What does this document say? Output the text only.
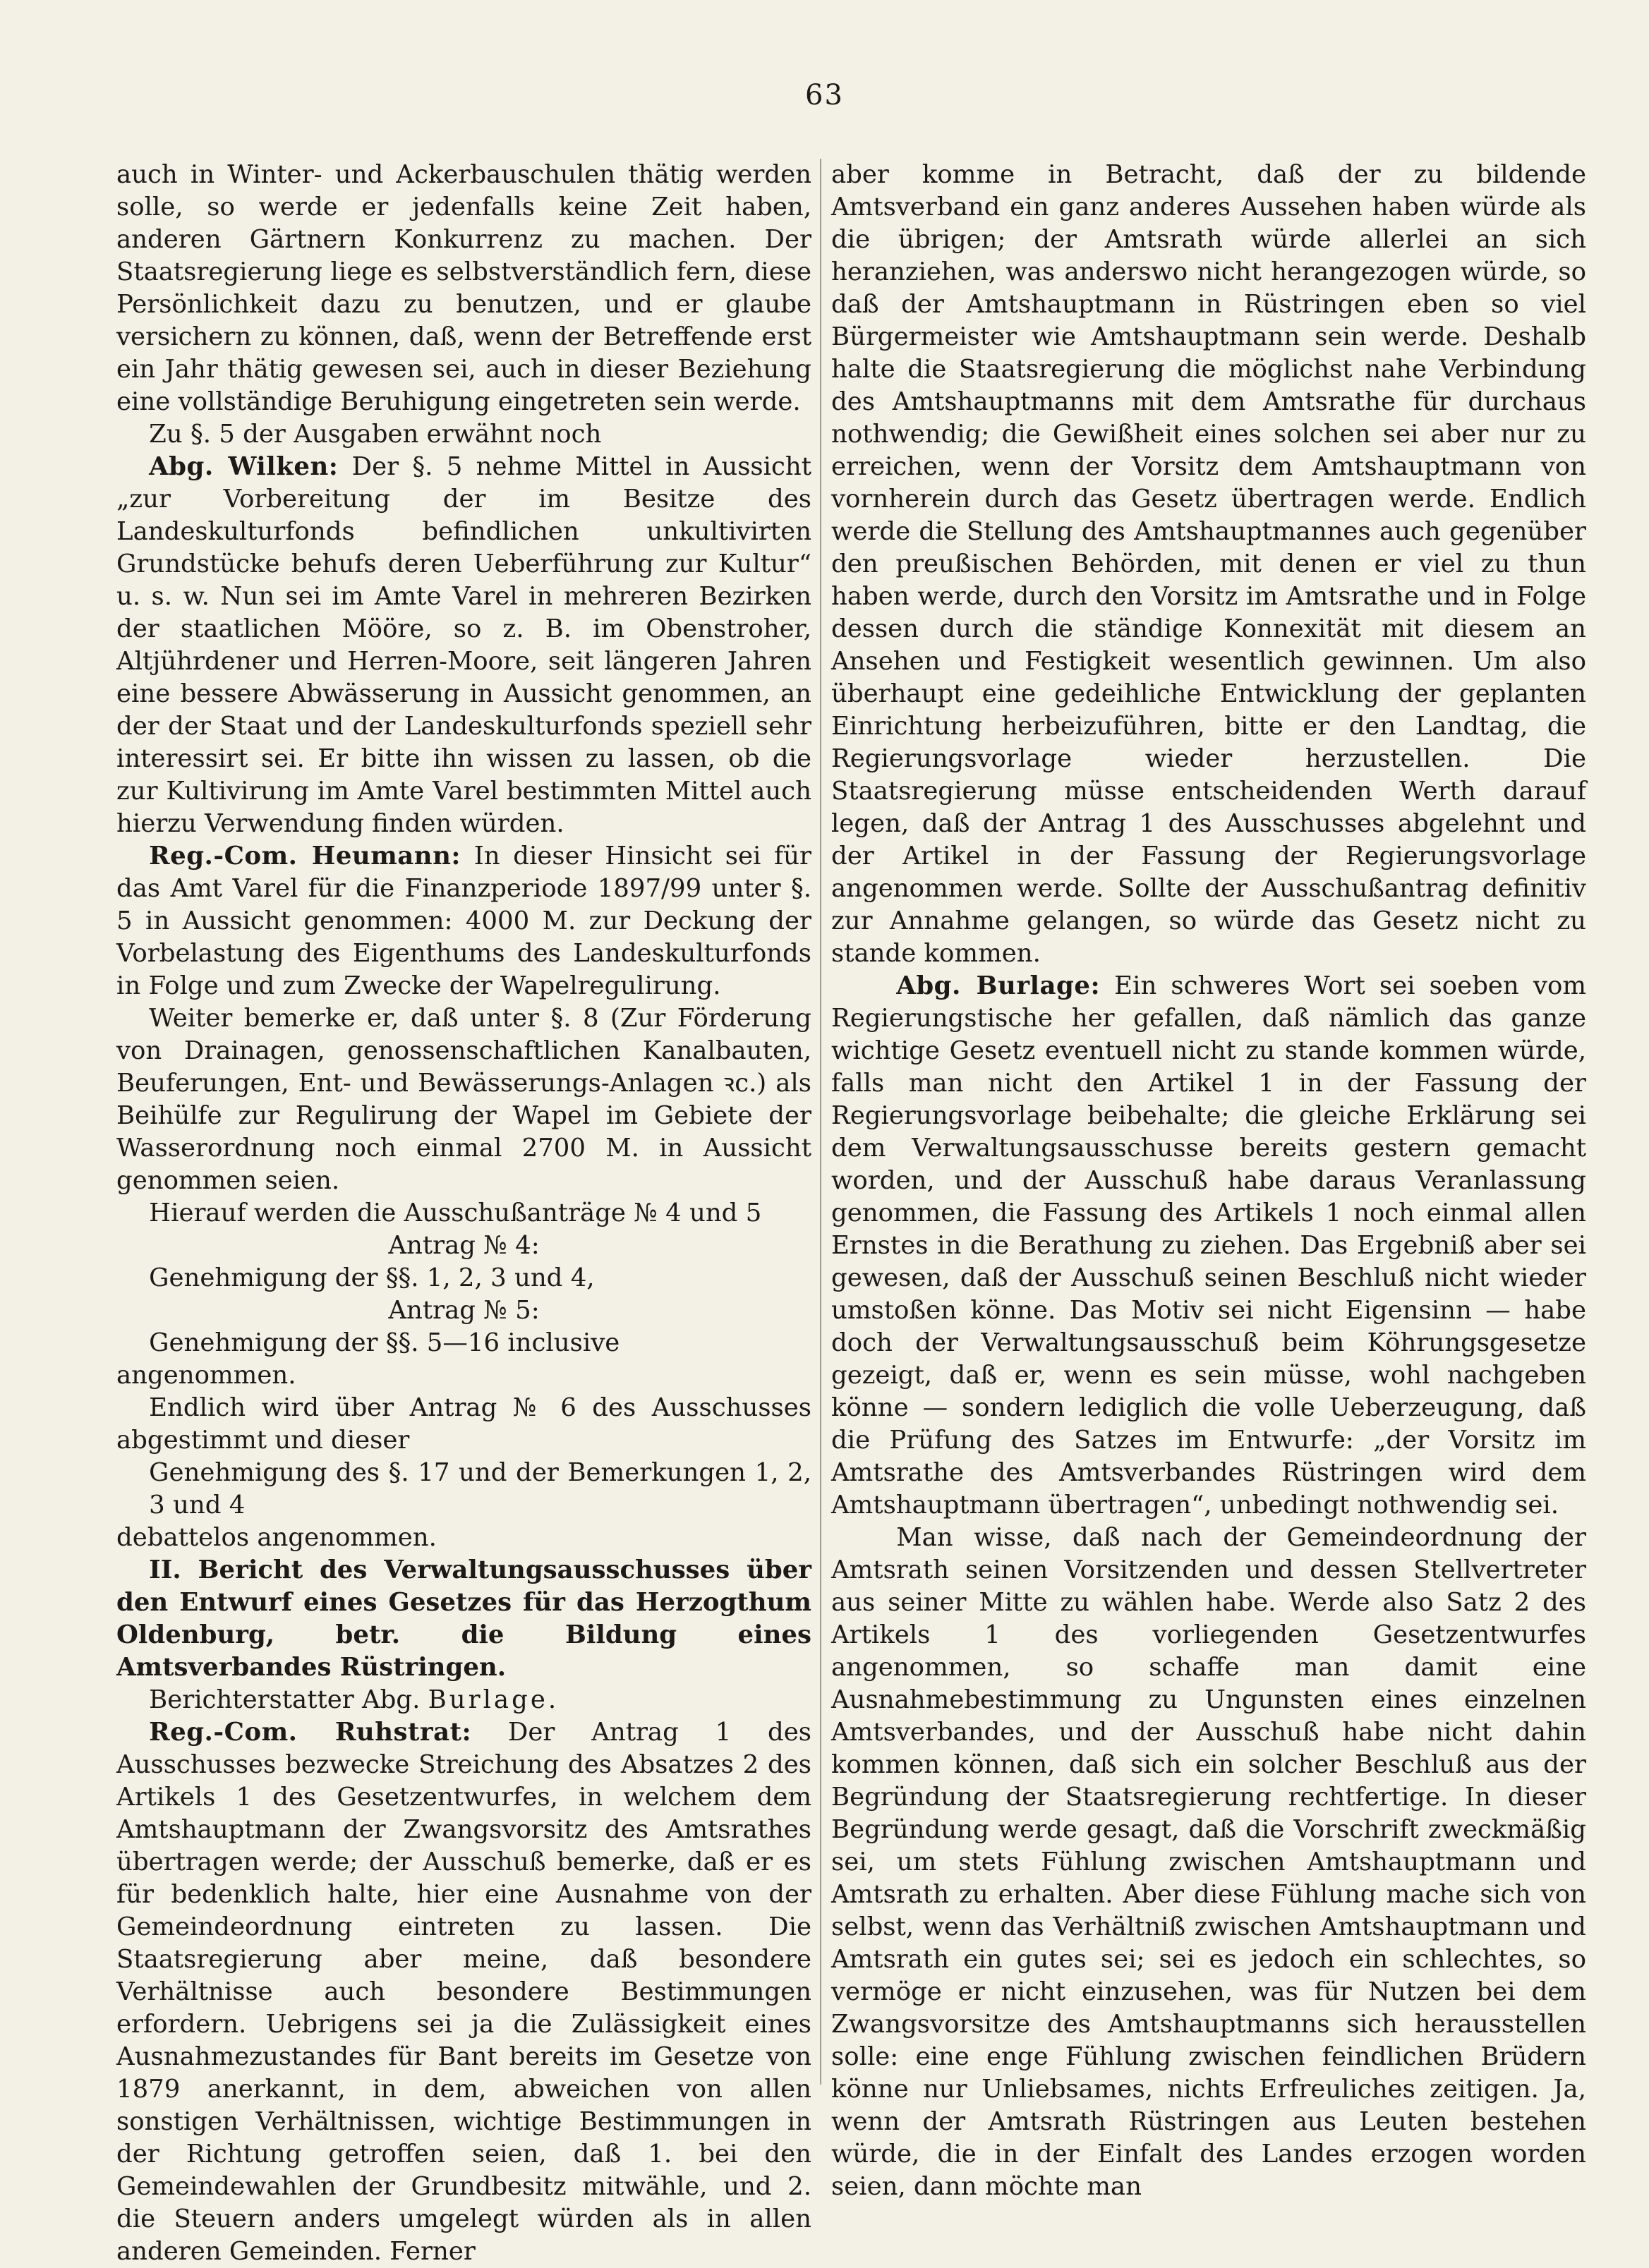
63

auch in Winter- und Ackerbauschulen thätig werden solle, so werde er jedenfalls keine Zeit haben, anderen Gärtnern Konkurrenz zu machen. Der Staatsregierung liege es selbstverständlich fern, diese Persönlichkeit dazu zu benutzen, und er glaube versichern zu können, daß, wenn der Betreffende erst ein Jahr thätig gewesen sei, auch in dieser Beziehung eine vollständige Beruhigung eingetreten sein werde.

Zu §. 5 der Ausgaben erwähnt noch

Abg. Wilken: Der §. 5 nehme Mittel in Aussicht „zur Vorbereitung der im Besitze des Landeskulturfonds befindlichen unkultivirten Grundstücke behufs deren Ueberführung zur Kultur“ u. s. w. Nun sei im Amte Varel in mehreren Bezirken der staatlichen Mööre, so z. B. im Obenstroher, Altjührdener und Herren-Moore, seit längeren Jahren eine bessere Abwässerung in Aussicht genommen, an der der Staat und der Landeskulturfonds speziell sehr interessirt sei. Er bitte ihn wissen zu lassen, ob die zur Kultivirung im Amte Varel bestimmten Mittel auch hierzu Verwendung finden würden.

Reg.-Com. Heumann: In dieser Hinsicht sei für das Amt Varel für die Finanzperiode 1897/99 unter §. 5 in Aussicht genommen: 4000 M. zur Deckung der Vorbelastung des Eigenthums des Landeskulturfonds in Folge und zum Zwecke der Wapelregulirung.

Weiter bemerke er, daß unter §. 8 (Zur Förderung von Drainagen, genossenschaftlichen Kanalbauten, Beuferungen, Ent- und Bewässerungs-Anlagen ꝛc.) als Beihülfe zur Regulirung der Wapel im Gebiete der Wasserordnung noch einmal 2700 M. in Aussicht genommen seien.

Hierauf werden die Ausschußanträge № 4 und 5

Antrag № 4:

Genehmigung der §§. 1, 2, 3 und 4,

Antrag № 5:

Genehmigung der §§. 5—16 inclusive

angenommen.

Endlich wird über Antrag № 6 des Ausschusses abgestimmt und dieser

Genehmigung des §. 17 und der Bemerkungen 1, 2, 3 und 4

debattelos angenommen.

II. Bericht des Verwaltungsausschusses über den Entwurf eines Gesetzes für das Herzogthum Oldenburg, betr. die Bildung eines Amtsverbandes Rüstringen.

Berichterstatter Abg. Burlage.

Reg.-Com. Ruhstrat: Der Antrag 1 des Ausschusses bezwecke Streichung des Absatzes 2 des Artikels 1 des Gesetzentwurfes, in welchem dem Amtshauptmann der Zwangsvorsitz des Amtsrathes übertragen werde; der Ausschuß bemerke, daß er es für bedenklich halte, hier eine Ausnahme von der Gemeindeordnung eintreten zu lassen. Die Staatsregierung aber meine, daß besondere Verhältnisse auch besondere Bestimmungen erfordern. Uebrigens sei ja die Zulässigkeit eines Ausnahmezustandes für Bant bereits im Gesetze von 1879 anerkannt, in dem, abweichen von allen sonstigen Verhältnissen, wichtige Bestimmungen in der Richtung getroffen seien, daß 1. bei den Gemeindewahlen der Grundbesitz mitwähle, und 2. die Steuern anders umgelegt würden als in allen anderen Gemeinden. Ferner

aber komme in Betracht, daß der zu bildende Amtsverband ein ganz anderes Aussehen haben würde als die übrigen; der Amtsrath würde allerlei an sich heranziehen, was anderswo nicht herangezogen würde, so daß der Amtshauptmann in Rüstringen eben so viel Bürgermeister wie Amtshauptmann sein werde. Deshalb halte die Staatsregierung die möglichst nahe Verbindung des Amtshauptmanns mit dem Amtsrathe für durchaus nothwendig; die Gewißheit eines solchen sei aber nur zu erreichen, wenn der Vorsitz dem Amtshauptmann von vornherein durch das Gesetz übertragen werde. Endlich werde die Stellung des Amtshauptmannes auch gegenüber den preußischen Behörden, mit denen er viel zu thun haben werde, durch den Vorsitz im Amtsrathe und in Folge dessen durch die ständige Konnexität mit diesem an Ansehen und Festigkeit wesentlich gewinnen. Um also überhaupt eine gedeihliche Entwicklung der geplanten Einrichtung herbeizuführen, bitte er den Landtag, die Regierungsvorlage wieder herzustellen. Die Staatsregierung müsse entscheidenden Werth darauf legen, daß der Antrag 1 des Ausschusses abgelehnt und der Artikel in der Fassung der Regierungsvorlage angenommen werde. Sollte der Ausschußantrag definitiv zur Annahme gelangen, so würde das Gesetz nicht zu stande kommen.

Abg. Burlage: Ein schweres Wort sei soeben vom Regierungstische her gefallen, daß nämlich das ganze wichtige Gesetz eventuell nicht zu stande kommen würde, falls man nicht den Artikel 1 in der Fassung der Regierungsvorlage beibehalte; die gleiche Erklärung sei dem Verwaltungsausschusse bereits gestern gemacht worden, und der Ausschuß habe daraus Veranlassung genommen, die Fassung des Artikels 1 noch einmal allen Ernstes in die Berathung zu ziehen. Das Ergebniß aber sei gewesen, daß der Ausschuß seinen Beschluß nicht wieder umstoßen könne. Das Motiv sei nicht Eigensinn — habe doch der Verwaltungsausschuß beim Köhrungsgesetze gezeigt, daß er, wenn es sein müsse, wohl nachgeben könne — sondern lediglich die volle Ueberzeugung, daß die Prüfung des Satzes im Entwurfe: „der Vorsitz im Amtsrathe des Amtsverbandes Rüstringen wird dem Amtshauptmann übertragen“, unbedingt nothwendig sei.

Man wisse, daß nach der Gemeindeordnung der Amtsrath seinen Vorsitzenden und dessen Stellvertreter aus seiner Mitte zu wählen habe. Werde also Satz 2 des Artikels 1 des vorliegenden Gesetzentwurfes angenommen, so schaffe man damit eine Ausnahmebestimmung zu Ungunsten eines einzelnen Amtsverbandes, und der Ausschuß habe nicht dahin kommen können, daß sich ein solcher Beschluß aus der Begründung der Staatsregierung rechtfertige. In dieser Begründung werde gesagt, daß die Vorschrift zweckmäßig sei, um stets Fühlung zwischen Amtshauptmann und Amtsrath zu erhalten. Aber diese Fühlung mache sich von selbst, wenn das Verhältniß zwischen Amtshauptmann und Amtsrath ein gutes sei; sei es jedoch ein schlechtes, so vermöge er nicht einzusehen, was für Nutzen bei dem Zwangsvorsitze des Amtshauptmanns sich herausstellen solle: eine enge Fühlung zwischen feindlichen Brüdern könne nur Unliebsames, nichts Erfreuliches zeitigen. Ja, wenn der Amtsrath Rüstringen aus Leuten bestehen würde, die in der Einfalt des Landes erzogen worden seien, dann möchte man
